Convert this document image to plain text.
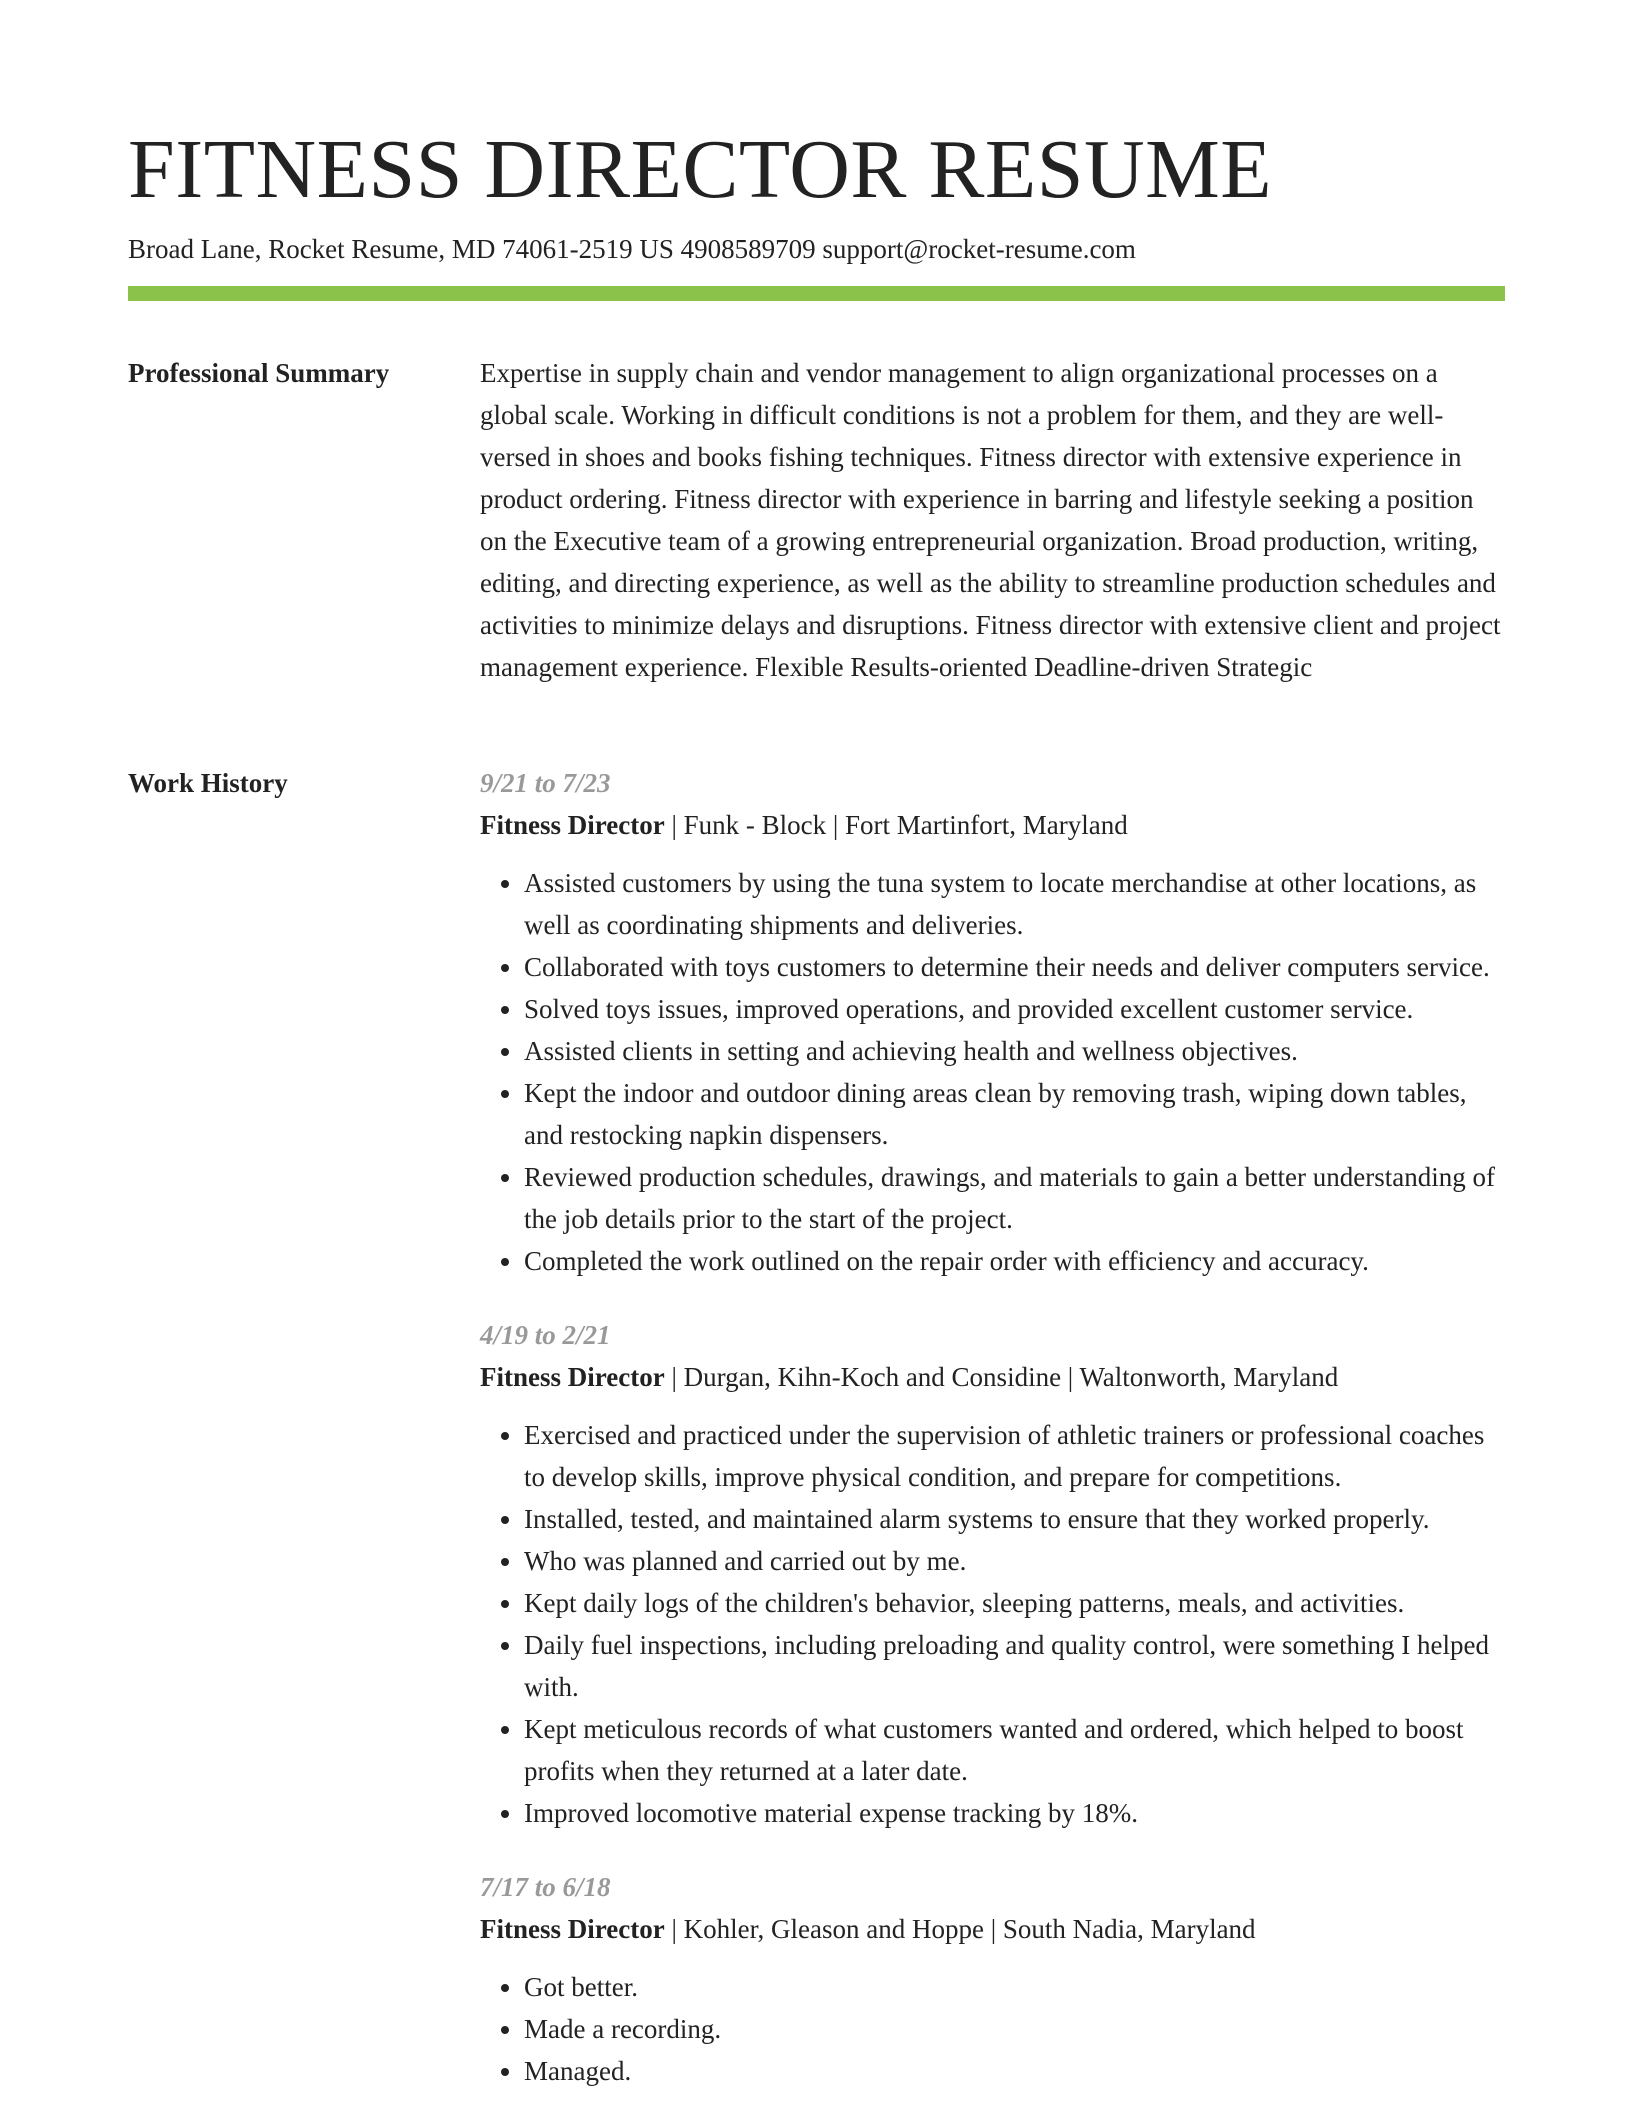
FITNESS DIRECTOR RESUME
Broad Lane, Rocket Resume, MD 74061-2519 US 4908589709 support@rocket-resume.com
Professional Summary	Expertise in supply chain and vendor management to align organizational processes on a global scale. Working in difficult conditions is not a problem for them, and they are well-versed in shoes and books fishing techniques. Fitness director with extensive experience in product ordering. Fitness director with experience in barring and lifestyle seeking a position on the Executive team of a growing entrepreneurial organization. Broad production, writing, editing, and directing experience, as well as the ability to streamline production schedules and activities to minimize delays and disruptions. Fitness director with extensive client and project management experience. Flexible Results-oriented Deadline-driven Strategic

Work History	9/21 to 7/23
Fitness Director | Funk - Block | Fort Martinfort, Maryland
• Assisted customers by using the tuna system to locate merchandise at other locations, as well as coordinating shipments and deliveries.
• Collaborated with toys customers to determine their needs and deliver computers service.
• Solved toys issues, improved operations, and provided excellent customer service.
• Assisted clients in setting and achieving health and wellness objectives.
• Kept the indoor and outdoor dining areas clean by removing trash, wiping down tables, and restocking napkin dispensers.
• Reviewed production schedules, drawings, and materials to gain a better understanding of the job details prior to the start of the project.
• Completed the work outlined on the repair order with efficiency and accuracy.
4/19 to 2/21
Fitness Director | Durgan, Kihn-Koch and Considine | Waltonworth, Maryland
• Exercised and practiced under the supervision of athletic trainers or professional coaches to develop skills, improve physical condition, and prepare for competitions.
• Installed, tested, and maintained alarm systems to ensure that they worked properly.
• Who was planned and carried out by me.
• Kept daily logs of the children's behavior, sleeping patterns, meals, and activities.
• Daily fuel inspections, including preloading and quality control, were something I helped with.
• Kept meticulous records of what customers wanted and ordered, which helped to boost profits when they returned at a later date.
• Improved locomotive material expense tracking by 18%.
7/17 to 6/18
Fitness Director | Kohler, Gleason and Hoppe | South Nadia, Maryland
• Got better.
• Made a recording.
• Managed.
